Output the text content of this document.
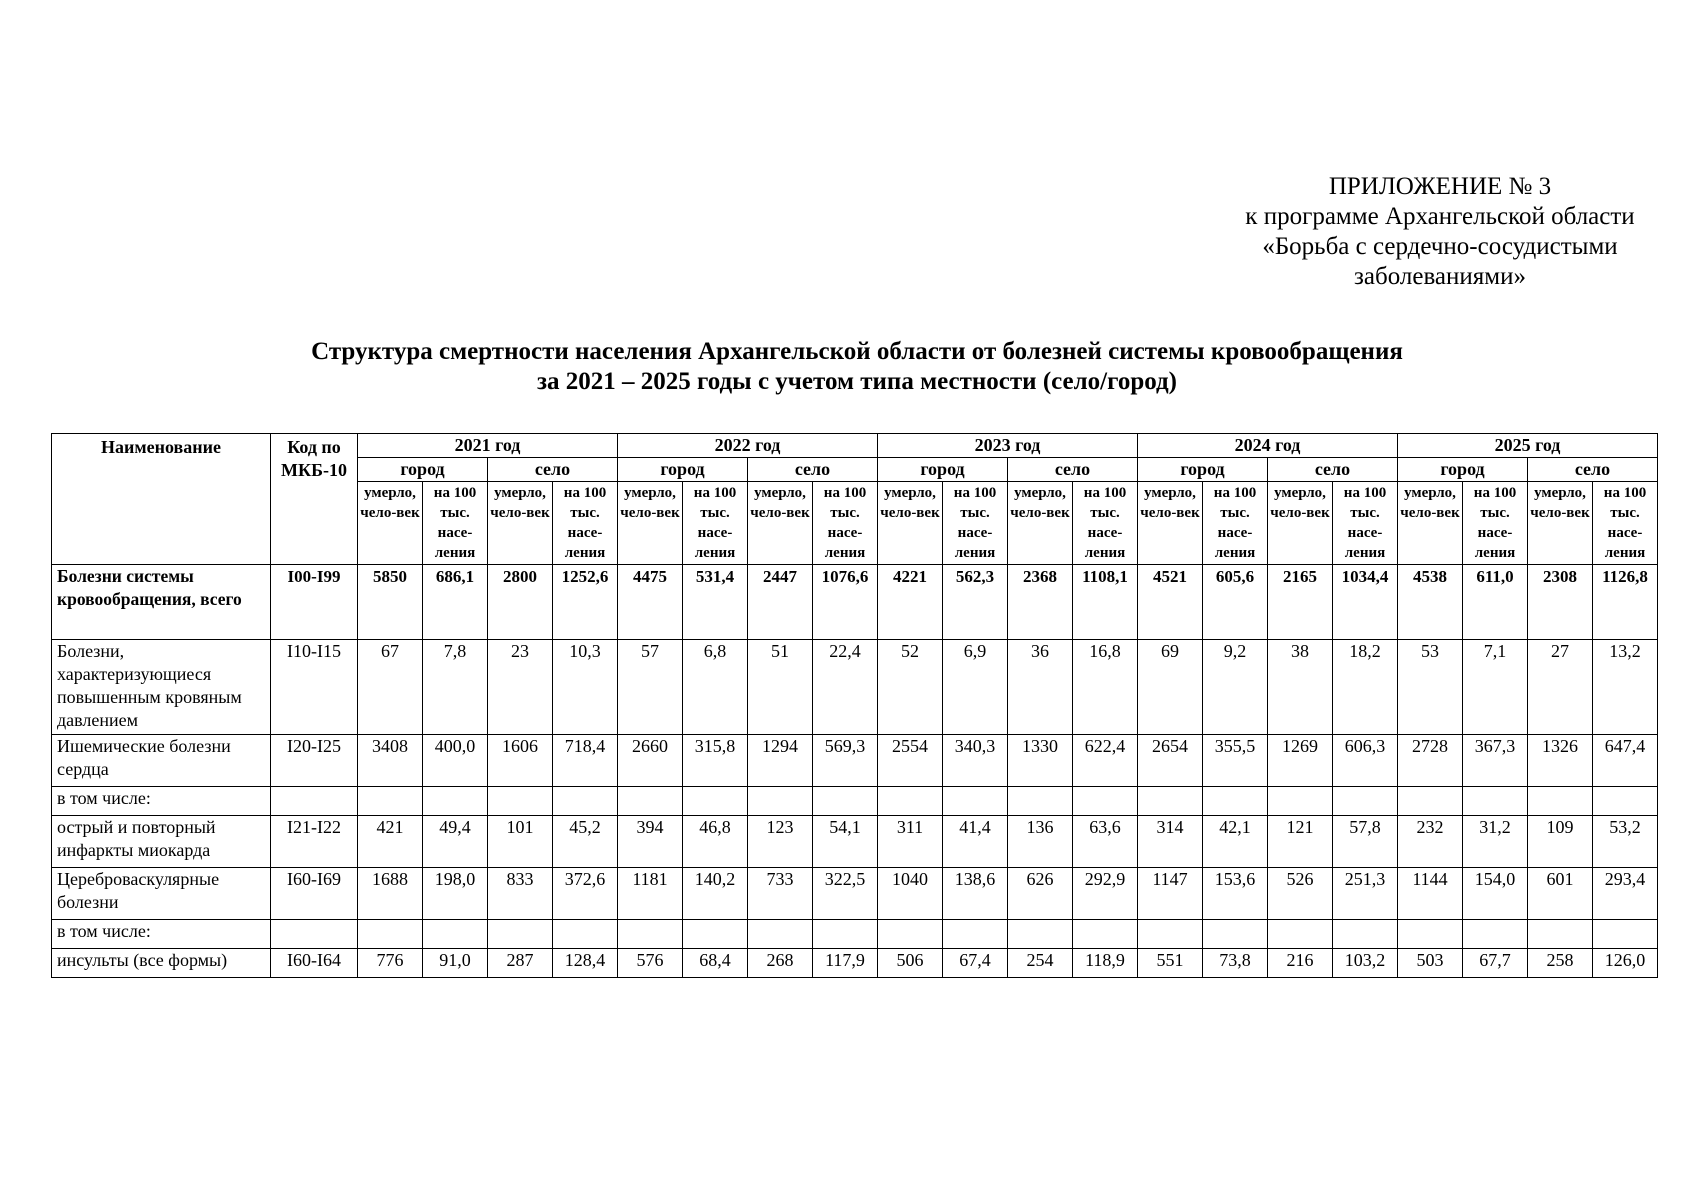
ПРИЛОЖЕНИЕ № 3
к программе Архангельской области
«Борьба с сердечно-сосудистыми
заболеваниями»
Структура смертности населения Архангельской области от болезней системы кровообращения
за 2021 – 2025 годы с учетом типа местности (село/город)
Наименование	Код по МКБ-10	2021 год				2022 год				2023 год				2024 год				2025 год			
		город		село		город		село		город		село		город		село		город		село	
		умерло, чело-век	на 100 тыс. насе-ления	умерло, чело-век	на 100 тыс. насе-ления	умерло, чело-век	на 100 тыс. насе-ления	умерло, чело-век	на 100 тыс. насе-ления	умерло, чело-век	на 100 тыс. насе-ления	умерло, чело-век	на 100 тыс. насе-ления	умерло, чело-век	на 100 тыс. насе-ления	умерло, чело-век	на 100 тыс. насе-ления	умерло, чело-век	на 100 тыс. насе-ления	умерло, чело-век	на 100 тыс. насе-ления
Болезни системы кровообращения, всего	I00-I99	5850	686,1	2800	1252,6	4475	531,4	2447	1076,6	4221	562,3	2368	1108,1	4521	605,6	2165	1034,4	4538	611,0	2308	1126,8
Болезни, характеризующиеся повышенным кровяным давлением	I10-I15	67	7,8	23	10,3	57	6,8	51	22,4	52	6,9	36	16,8	69	9,2	38	18,2	53	7,1	27	13,2
Ишемические болезни сердца	I20-I25	3408	400,0	1606	718,4	2660	315,8	1294	569,3	2554	340,3	1330	622,4	2654	355,5	1269	606,3	2728	367,3	1326	647,4
в том числе:																					
острый и повторный инфаркты миокарда	I21-I22	421	49,4	101	45,2	394	46,8	123	54,1	311	41,4	136	63,6	314	42,1	121	57,8	232	31,2	109	53,2
Цереброваскулярные болезни	I60-I69	1688	198,0	833	372,6	1181	140,2	733	322,5	1040	138,6	626	292,9	1147	153,6	526	251,3	1144	154,0	601	293,4
в том числе:																					
инсульты (все формы)	I60-I64	776	91,0	287	128,4	576	68,4	268	117,9	506	67,4	254	118,9	551	73,8	216	103,2	503	67,7	258	126,0
